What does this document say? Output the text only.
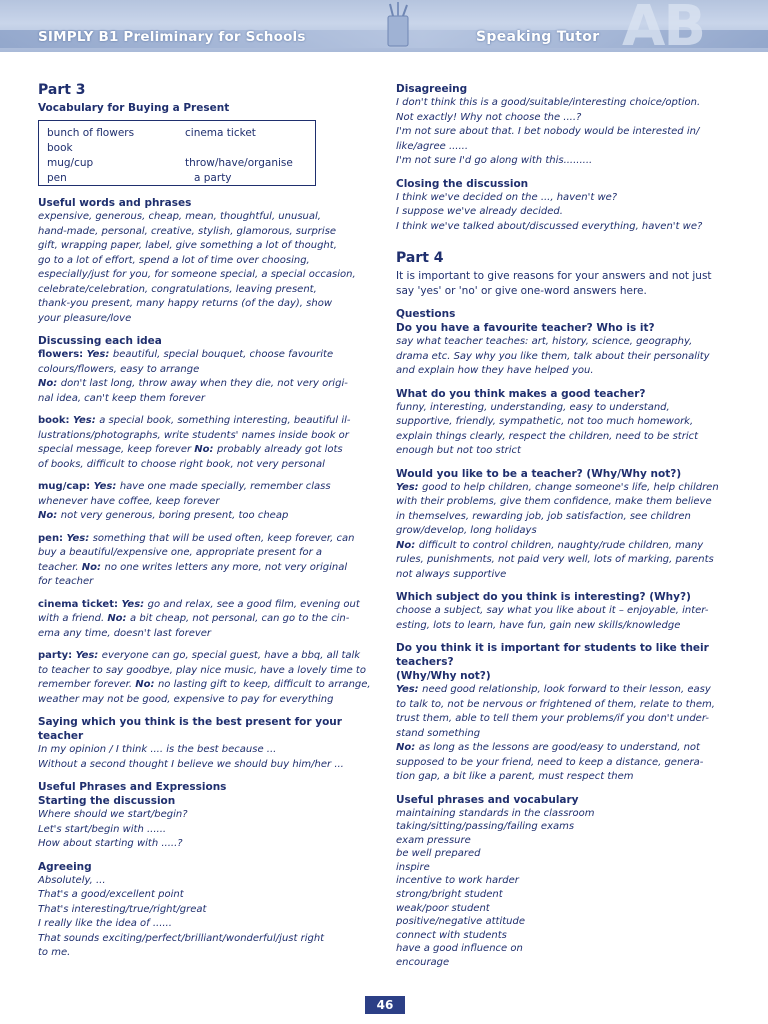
AB
SIMPLY B1 Preliminary for Schools	Speaking Tutor
Part 3
Vocabulary for Buying a Present
bunch of flowers
book
mug/cup
pen
cinema ticket

throw/have/organise
a party
Useful words and phrases
expensive, generous, cheap, mean, thoughtful, unusual,
hand-made, personal, creative, stylish, glamorous, surprise
gift, wrapping paper, label, give something a lot of thought,
go to a lot of effort, spend a lot of time over choosing,
especially/just for you, for someone special, a special occasion,
celebrate/celebration, congratulations, leaving present,
thank-you present, many happy returns (of the day), show
your pleasure/love
Discussing each idea
flowers: Yes: beautiful, special bouquet, choose favourite
colours/flowers, easy to arrange
No: don't last long, throw away when they die, not very origi-
nal idea, can't keep them forever
book: Yes: a special book, something interesting, beautiful il-
lustrations/photographs, write students' names inside book or
special message, keep forever No: probably already got lots
of books, difficult to choose right book, not very personal
mug/cap: Yes: have one made specially, remember class
whenever have coffee, keep forever
No: not very generous, boring present, too cheap
pen: Yes: something that will be used often, keep forever, can
buy a beautiful/expensive one, appropriate present for a
teacher. No: no one writes letters any more, not very original
for teacher
cinema ticket: Yes: go and relax, see a good film, evening out
with a friend. No: a bit cheap, not personal, can go to the cin-
ema any time, doesn't last forever
party: Yes: everyone can go, special guest, have a bbq, all talk
to teacher to say goodbye, play nice music, have a lovely time to
remember forever. No: no lasting gift to keep, difficult to arrange,
weather may not be good, expensive to pay for everything
Saying which you think is the best present for your teacher
In my opinion / I think .... is the best because ...
Without a second thought I believe we should buy him/her ...
Useful Phrases and Expressions
Starting the discussion
Where should we start/begin?
Let's start/begin with ......
How about starting with .....?
Agreeing
Absolutely, ...
That's a good/excellent point
That's interesting/true/right/great
I really like the idea of ......
That sounds exciting/perfect/brilliant/wonderful/just right
to me.
Disagreeing
I don't think this is a good/suitable/interesting choice/option.
Not exactly! Why not choose the ....?
I'm not sure about that. I bet nobody would be interested in/
like/agree ......
I'm not sure I'd go along with this.........
Closing the discussion
I think we've decided on the ..., haven't we?
I suppose we've already decided.
I think we've talked about/discussed everything, haven't we?
Part 4
It is important to give reasons for your answers and not just
say 'yes' or 'no' or give one-word answers here.
Questions
Do you have a favourite teacher? Who is it?
say what teacher teaches: art, history, science, geography,
drama etc. Say why you like them, talk about their personality
and explain how they have helped you.
What do you think makes a good teacher?
funny, interesting, understanding, easy to understand,
supportive, friendly, sympathetic, not too much homework,
explain things clearly, respect the children, need to be strict
enough but not too strict
Would you like to be a teacher? (Why/Why not?)
Yes: good to help children, change someone's life, help children
with their problems, give them confidence, make them believe
in themselves, rewarding job, job satisfaction, see children
grow/develop, long holidays
No: difficult to control children, naughty/rude children, many
rules, punishments, not paid very well, lots of marking, parents
not always supportive
Which subject do you think is interesting? (Why?)
choose a subject, say what you like about it – enjoyable, inter-
esting, lots to learn, have fun, gain new skills/knowledge
Do you think it is important for students to like their teachers?
(Why/Why not?)
Yes: need good relationship, look forward to their lesson, easy
to talk to, not be nervous or frightened of them, relate to them,
trust them, able to tell them your problems/if you don't under-
stand something
No: as long as the lessons are good/easy to understand, not
supposed to be your friend, need to keep a distance, genera-
tion gap, a bit like a parent, must respect them
Useful phrases and vocabulary
maintaining standards in the classroom
taking/sitting/passing/failing exams
exam pressure
be well prepared
inspire
incentive to work harder
strong/bright student
weak/poor student
positive/negative attitude
connect with students
have a good influence on
encourage
46
